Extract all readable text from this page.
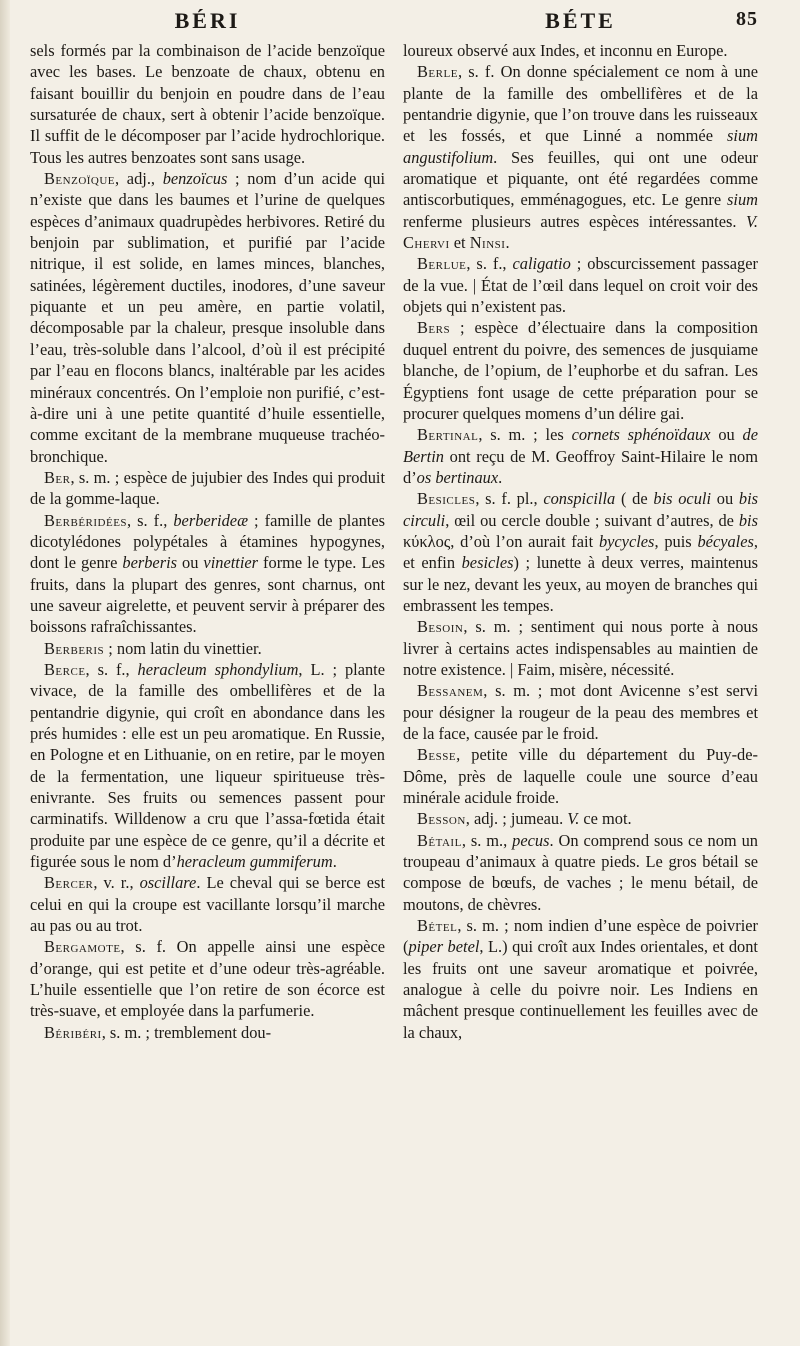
BÉRI

sels formés par la combinaison de l’acide benzoïque avec les bases. Le benzoate de chaux, obtenu en faisant bouillir du benjoin en poudre dans de l’eau sursaturée de chaux, sert à obtenir l’acide benzoïque. Il suffit de le décomposer par l’acide hydrochlorique. Tous les autres benzoates sont sans usage.

Benzoïque, adj., benzoïcus ; nom d’un acide qui n’existe que dans les baumes et l’urine de quelques espèces d’animaux quadrupèdes herbivores. Retiré du benjoin par sublimation, et purifié par l’acide nitrique, il est solide, en lames minces, blanches, satinées, légèrement ductiles, inodores, d’une saveur piquante et un peu amère, en partie volatil, décomposable par la chaleur, presque insoluble dans l’eau, très-soluble dans l’alcool, d’où il est précipité par l’eau en flocons blancs, inaltérable par les acides minéraux concentrés. On l’emploie non purifié, c’est-à-dire uni à une petite quantité d’huile essentielle, comme excitant de la membrane muqueuse trachéo-bronchique.

Ber, s. m. ; espèce de jujubier des Indes qui produit de la gomme-laque.

Berbéridées, s. f., berberideæ ; famille de plantes dicotylédones polypétales à étamines hypogynes, dont le genre berberis ou vinettier forme le type. Les fruits, dans la plupart des genres, sont charnus, ont une saveur aigrelette, et peuvent servir à préparer des boissons rafraîchissantes.

Berberis ; nom latin du vinettier.

Berce, s. f., heracleum sphondylium, L. ; plante vivace, de la famille des ombellifères et de la pentandrie digynie, qui croît en abondance dans les prés humides : elle est un peu aromatique. En Russie, en Pologne et en Lithuanie, on en retire, par le moyen de la fermentation, une liqueur spiritueuse très-enivrante. Ses fruits ou semences passent pour carminatifs. Willdenow a cru que l’assa-fœtida était produite par une espèce de ce genre, qu’il a décrite et figurée sous le nom d’heracleum gummiferum.

Bercer, v. r., oscillare. Le cheval qui se berce est celui en qui la croupe est vacillante lorsqu’il marche au pas ou au trot.

Bergamote, s. f. On appelle ainsi une espèce d’orange, qui est petite et d’une odeur très-agréable. L’huile essentielle que l’on retire de son écorce est très-suave, et employée dans la parfumerie.

Béribéri, s. m. ; tremblement dou-

BÉTE	85

loureux observé aux Indes, et inconnu en Europe.

Berle, s. f. On donne spécialement ce nom à une plante de la famille des ombellifères et de la pentandrie digynie, que l’on trouve dans les ruisseaux et les fossés, et que Linné a nommée sium angustifolium. Ses feuilles, qui ont une odeur aromatique et piquante, ont été regardées comme antiscorbutiques, emménagogues, etc. Le genre sium renferme plusieurs autres espèces intéressantes. V. Chervi et Ninsi.

Berlue, s. f., caligatio ; obscurcissement passager de la vue. | État de l’œil dans lequel on croit voir des objets qui n’existent pas.

Bers ; espèce d’électuaire dans la composition duquel entrent du poivre, des semences de jusquiame blanche, de l’opium, de l’euphorbe et du safran. Les Égyptiens font usage de cette préparation pour se procurer quelques momens d’un délire gai.

Bertinal, s. m. ; les cornets sphénoïdaux ou de Bertin ont reçu de M. Geoffroy Saint-Hilaire le nom d’os bertinaux.

Besicles, s. f. pl., conspicilla ( de bis oculi ou bis circuli, œil ou cercle double ; suivant d’autres, de bis κύκλος, d’où l’on aurait fait bycycles, puis bécyales, et enfin besicles) ; lunette à deux verres, maintenus sur le nez, devant les yeux, au moyen de branches qui embrassent les tempes.

Besoin, s. m. ; sentiment qui nous porte à nous livrer à certains actes indispensables au maintien de notre existence. | Faim, misère, nécessité.

Bessanem, s. m. ; mot dont Avicenne s’est servi pour désigner la rougeur de la peau des membres et de la face, causée par le froid.

Besse, petite ville du département du Puy-de-Dôme, près de laquelle coule une source d’eau minérale acidule froide.

Besson, adj. ; jumeau. V. ce mot.

Bétail, s. m., pecus. On comprend sous ce nom un troupeau d’animaux à quatre pieds. Le gros bétail se compose de bœufs, de vaches ; le menu bétail, de moutons, de chèvres.

Bétel, s. m. ; nom indien d’une espèce de poivrier (piper betel, L.) qui croît aux Indes orientales, et dont les fruits ont une saveur aromatique et poivrée, analogue à celle du poivre noir. Les Indiens en mâchent presque continuellement les feuilles avec de la chaux,
